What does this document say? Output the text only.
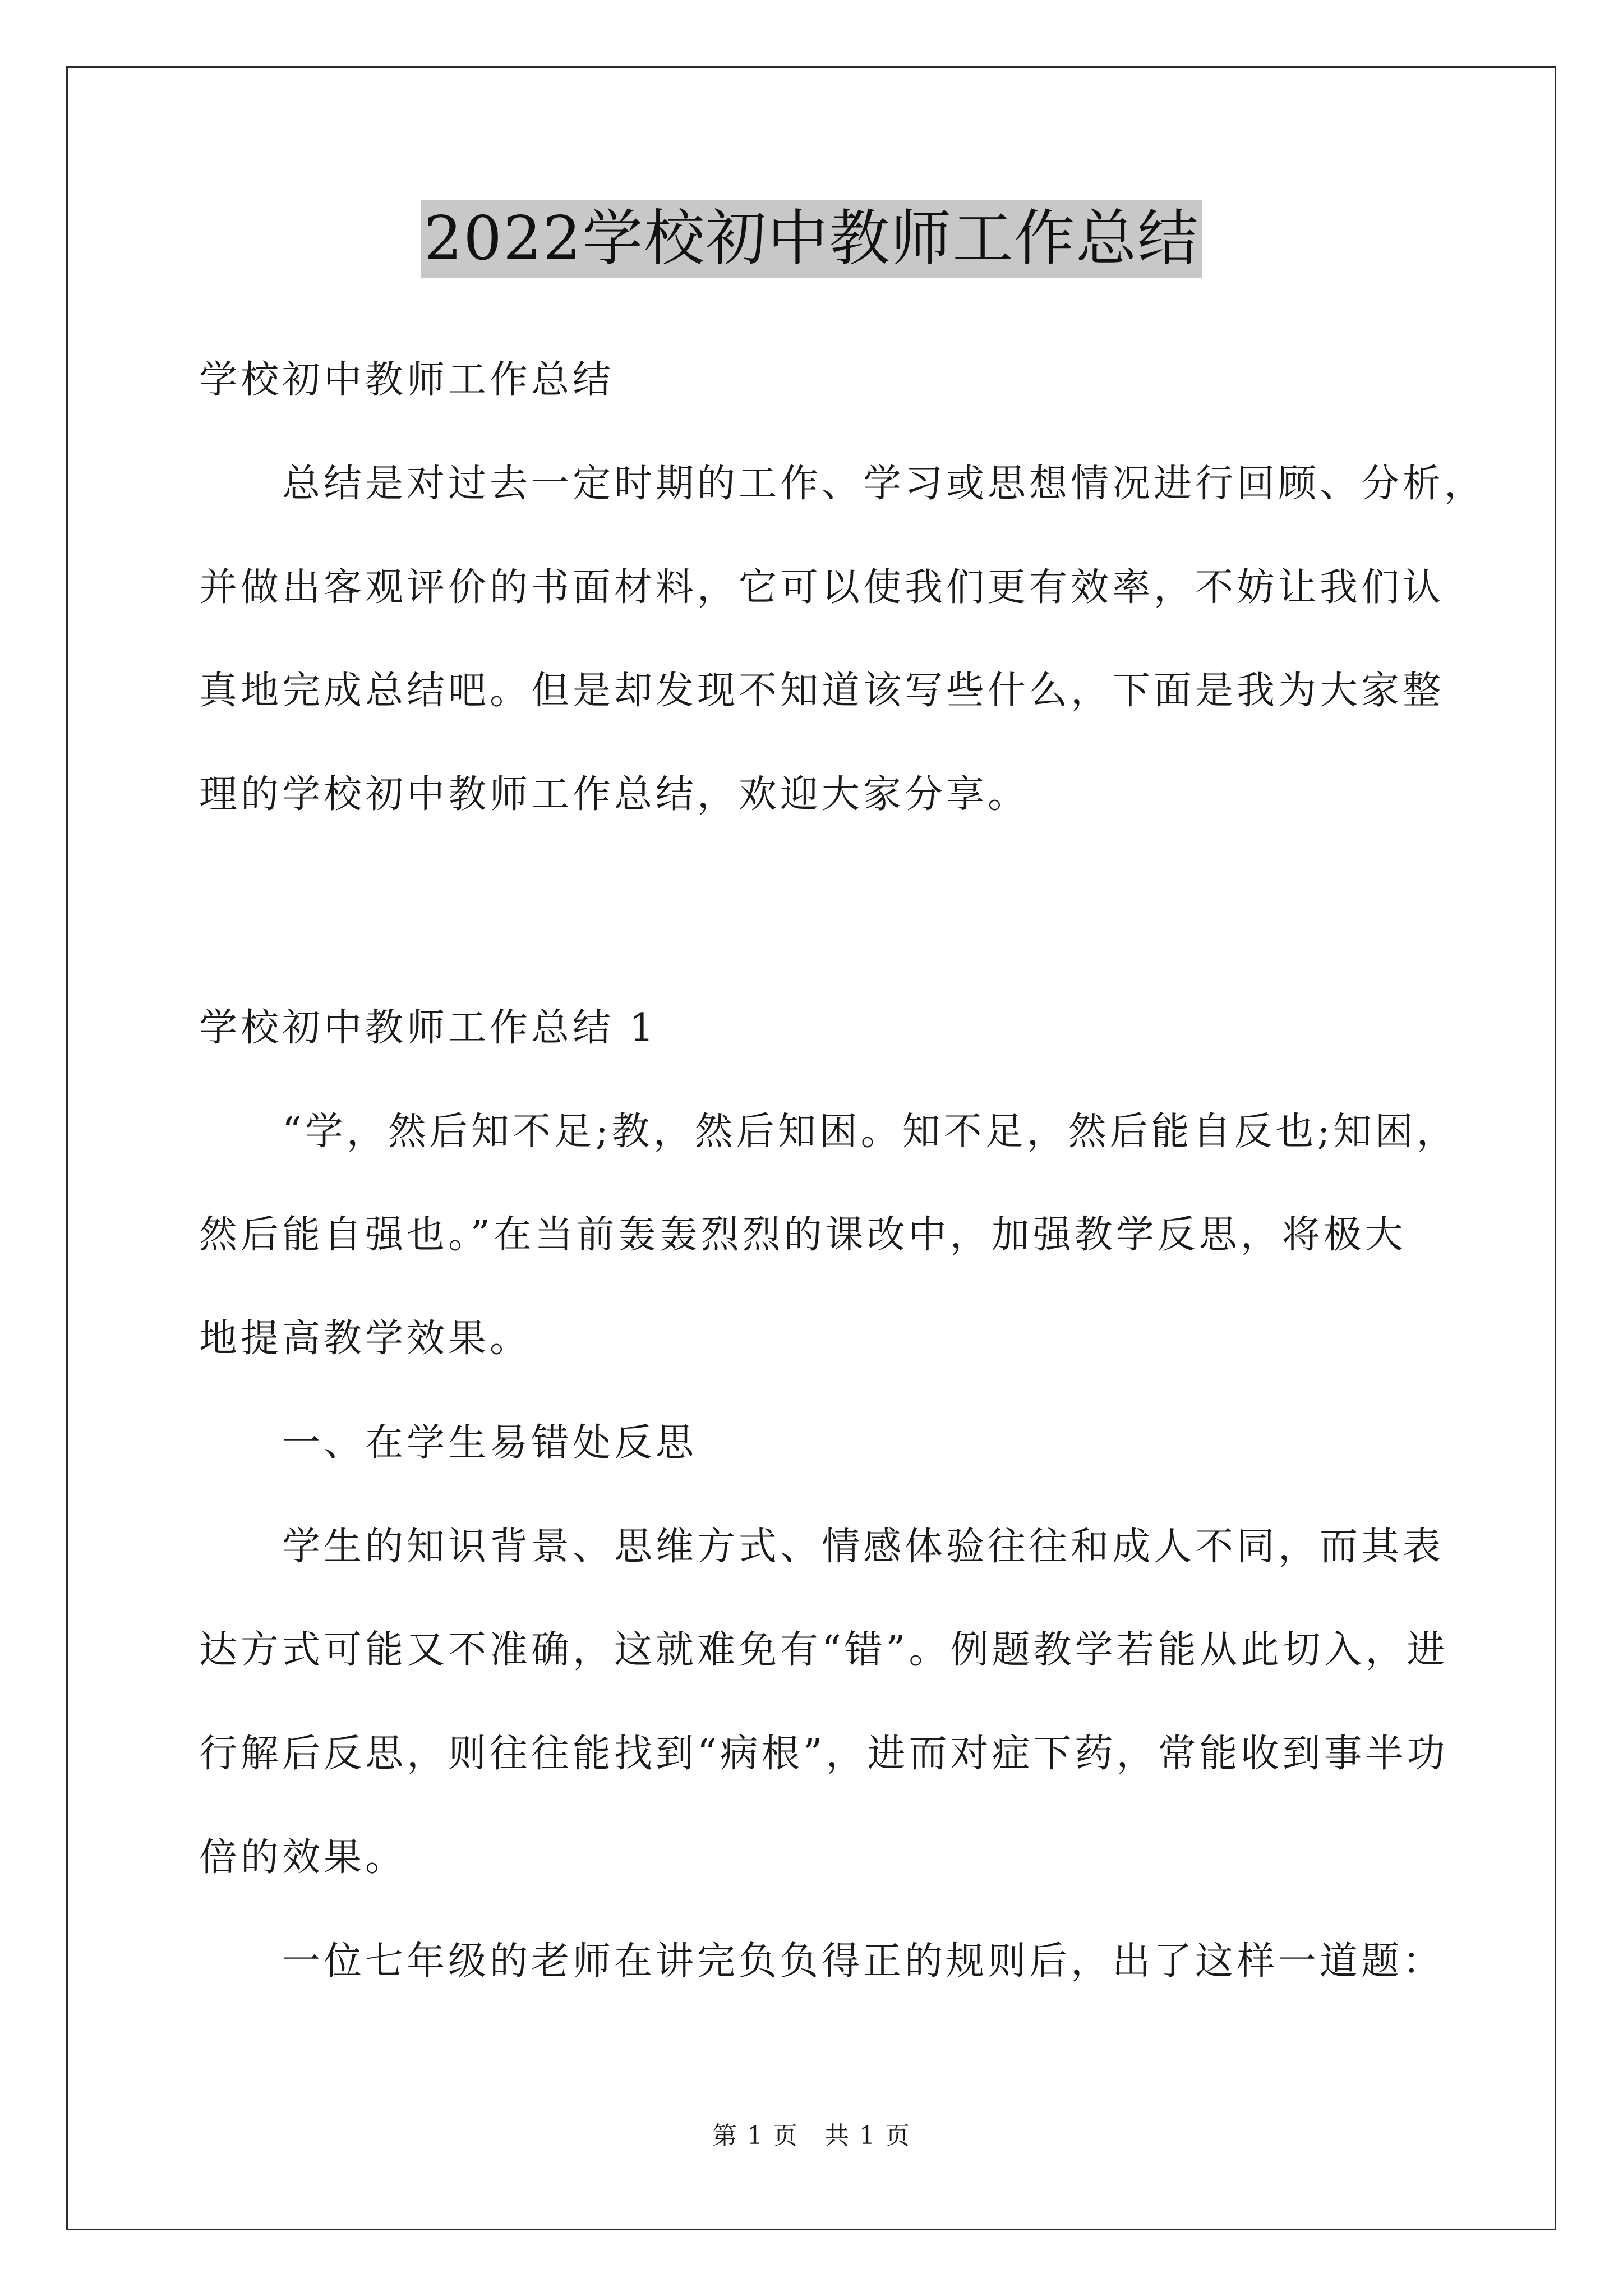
2022学校初中教师工作总结
学校初中教师工作总结
总结是对过去一定时期的工作、学习或思想情况进行回顾、分析，
并做出客观评价的书面材料，它可以使我们更有效率，不妨让我们认
真地完成总结吧。但是却发现不知道该写些什么，下面是我为大家整
理的学校初中教师工作总结，欢迎大家分享。
学校初中教师工作总结 1
“学，然后知不足;教，然后知困。知不足，然后能自反也;知困，
然后能自强也。”在当前轰轰烈烈的课改中，加强教学反思，将极大
地提高教学效果。
一、在学生易错处反思
学生的知识背景、思维方式、情感体验往往和成人不同，而其表
达方式可能又不准确，这就难免有“错”。例题教学若能从此切入，进
行解后反思，则往往能找到“病根”，进而对症下药，常能收到事半功
倍的效果。
一位七年级的老师在讲完负负得正的规则后，出了这样一道题：
第 1 页　共 1 页
